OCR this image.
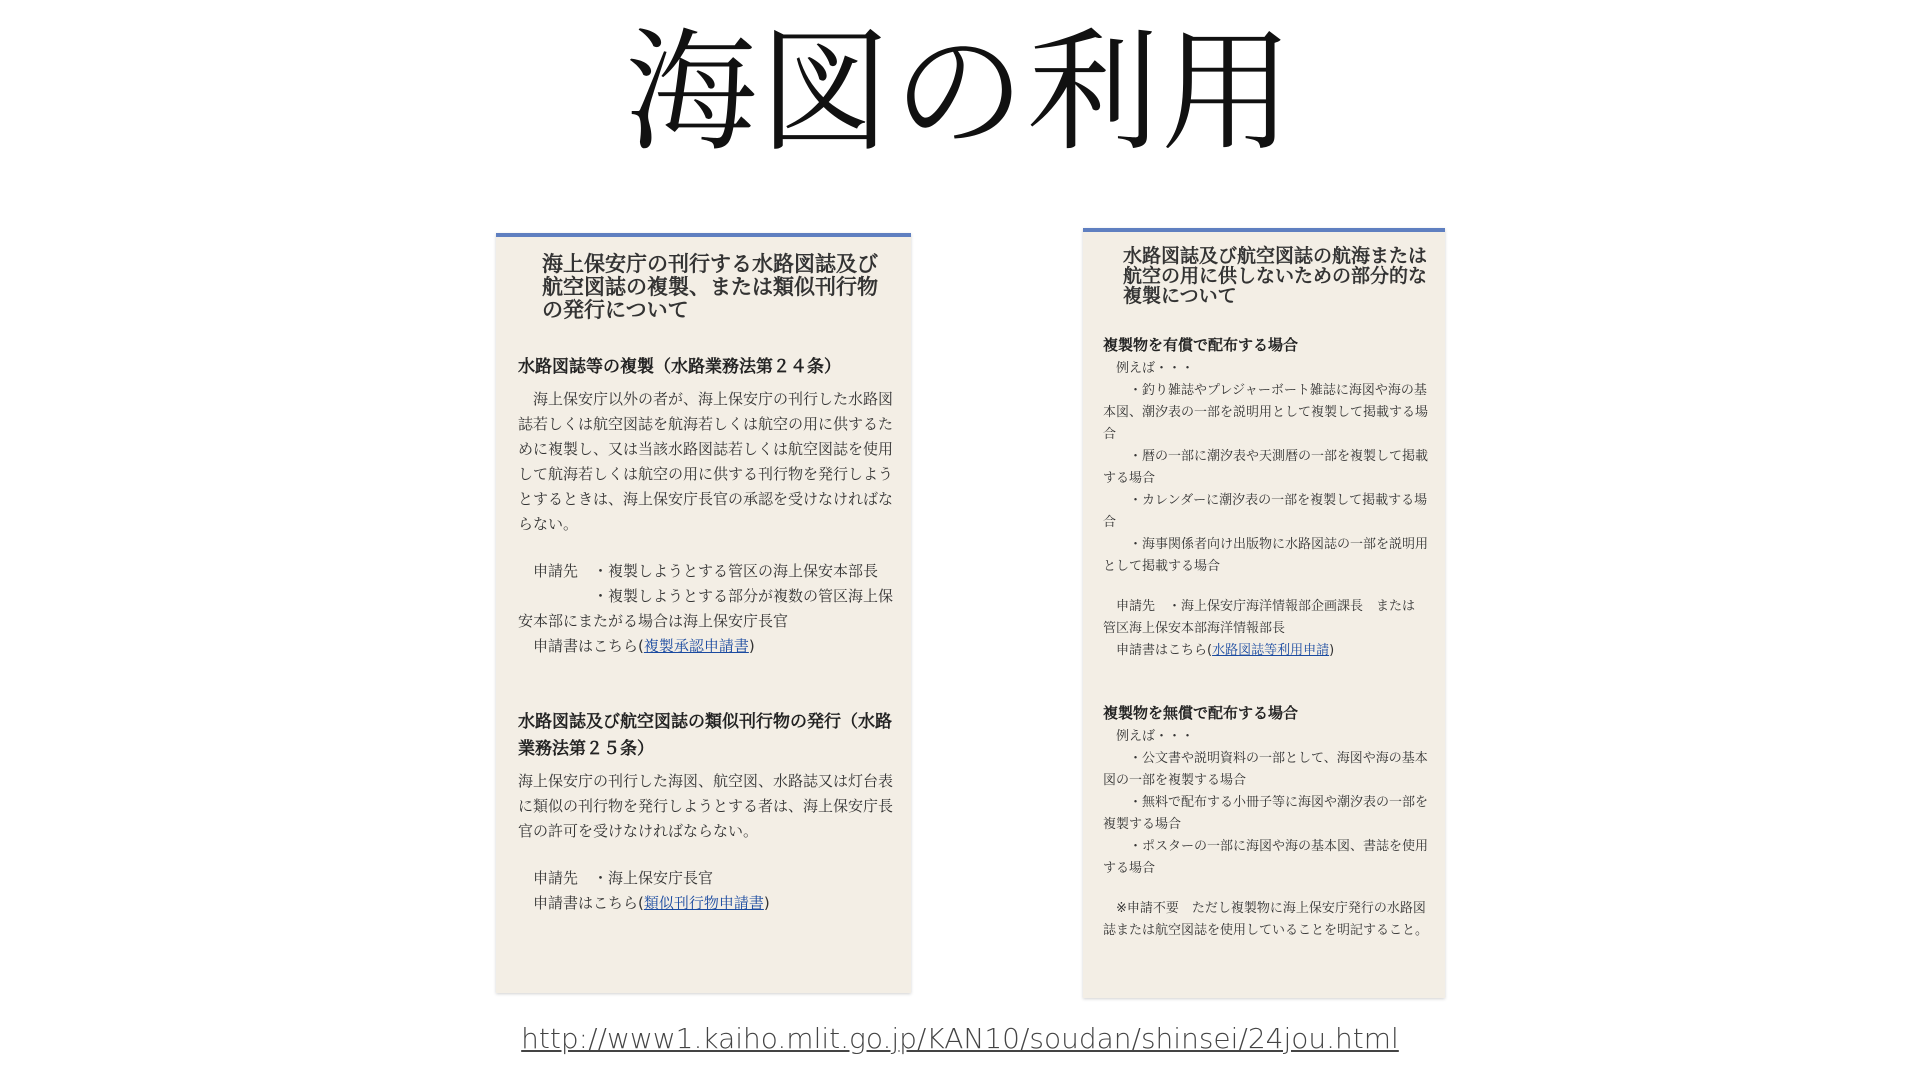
海図の利用
海上保安庁の刊行する水路図誌及び航空図誌の複製、または類似刊行物の発行について
水路図誌等の複製（水路業務法第２４条）
　海上保安庁以外の者が、海上保安庁の刊行した水路図誌若しくは航空図誌を航海若しくは航空の用に供するために複製し、又は当該水路図誌若しくは航空図誌を使用して航海若しくは航空の用に供する刊行物を発行しようとするときは、海上保安庁長官の承認を受けなければならない。
　申請先　・複製しようとする管区の海上保安本部長
　　　　　・複製しようとする部分が複数の管区海上保安本部にまたがる場合は海上保安庁長官
　申請書はこちら(複製承認申請書)
水路図誌及び航空図誌の類似刊行物の発行（水路業務法第２５条）
海上保安庁の刊行した海図、航空図、水路誌又は灯台表に類似の刊行物を発行しようとする者は、海上保安庁長官の許可を受けなければならない。
　申請先　・海上保安庁長官
　申請書はこちら(類似刊行物申請書)
水路図誌及び航空図誌の航海または航空の用に供しないための部分的な複製について
複製物を有償で配布する場合
　例えば・・・
　　・釣り雑誌やプレジャーボート雑誌に海図や海の基本図、潮汐表の一部を説明用として複製して掲載する場合
　　・暦の一部に潮汐表や天測暦の一部を複製して掲載する場合
　　・カレンダーに潮汐表の一部を複製して掲載する場合
　　・海事関係者向け出版物に水路図誌の一部を説明用として掲載する場合
　申請先　・海上保安庁海洋情報部企画課長　または　管区海上保安本部海洋情報部長
　申請書はこちら(水路図誌等利用申請)
複製物を無償で配布する場合
　例えば・・・
　　・公文書や説明資料の一部として、海図や海の基本図の一部を複製する場合
　　・無料で配布する小冊子等に海図や潮汐表の一部を複製する場合
　　・ポスターの一部に海図や海の基本図、書誌を使用する場合
　※申請不要　ただし複製物に海上保安庁発行の水路図誌または航空図誌を使用していることを明記すること。
http://www1.kaiho.mlit.go.jp/KAN10/soudan/shinsei/24jou.html
